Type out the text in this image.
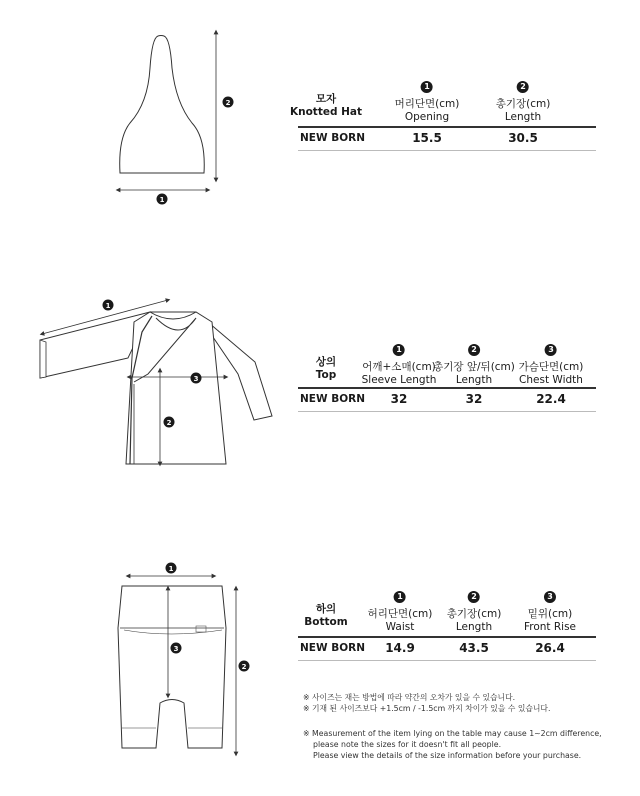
2
1
모자
Knotted Hat
1
머리단면(cm)
Opening
2
총기장(cm)
Length
NEW BORN	15.5	30.5
1
3
2
상의
Top
1
어깨+소매(cm)
Sleeve Length
2
총기장 앞/뒤(cm)
Length
3
가슴단면(cm)
Chest Width
NEW BORN 32	32	22.4
1
3
2
하의
Bottom
1
허리단면(cm)
Waist
2
총기장(cm)
Length
3
밑위(cm)
Front Rise
NEW BORN 14.9	43.5	26.4
※ 사이즈는 재는 방법에 따라 약간의 오차가 있을 수 있습니다.
※ 기재 된 사이즈보다 +1.5cm / -1.5cm 까지 차이가 있을 수 있습니다.
※ Measurement of the item lying on the table may cause 1~2cm difference,
please note the sizes for it doesn't fit all people.
Please view the details of the size information before your purchase.
